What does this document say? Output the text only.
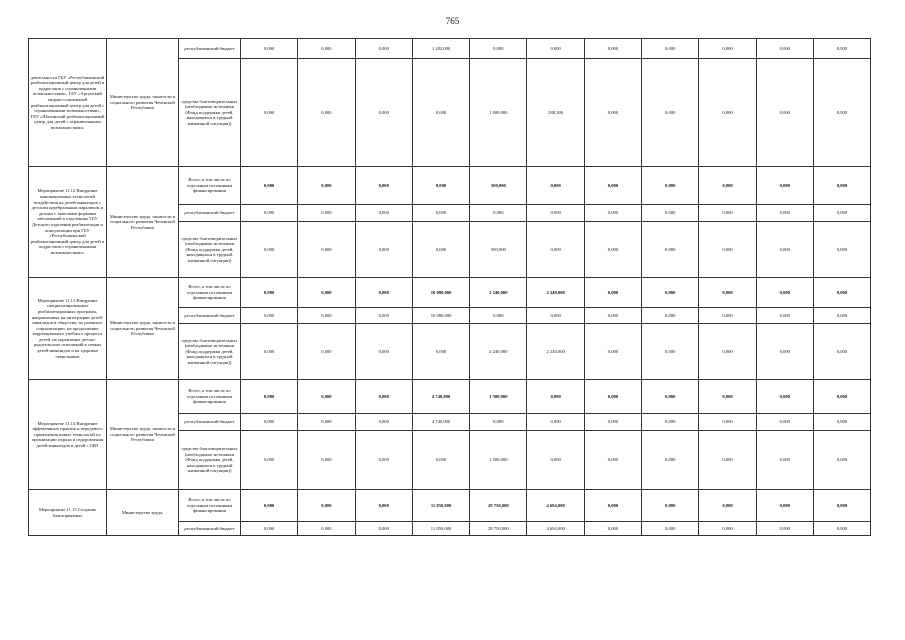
765
деятельности ГБУ «Республиканский реабилитационный центр для детей и подростков с ограниченными возможностями», ГБУ «Аргунский медико-социальный реабилитационный центр для детей с ограниченными возможностями», ГБУ «Шалинский реабилитационный центр для детей с ограниченными возможностями»	Министерство труда, занятости и социального развития Чеченской Республики	республиканский бюджет	0,000	0,000	0,000	1 282,000	0,000	0,000	0,000	0,000	0,000	0,000	0,000
		средства благотворительных (необходимые источники (Фонд поддержки детей, находящихся в трудной жизненной ситуации))	0,000	0,000	0,000	0,000	1 000,000	288,300	0,000	0,000	0,000	0,000	0,000
Мероприятие 11.12 Внедрение инновационных технологий воздействия на детей-инвалидов с детским церебральным параличом и детьми с тяжелыми формами заболеваний в отделениях ГБУ Детского отделения реабилитации и консультации при ГБУ «Республиканский реабилитационный центр для детей и подростков с ограниченными возможностями»	Министерство труда, занятости и социального развития Чеченской Республики	Всего, в том числе по отдельным источникам финансирования	0,000	0,000	0,000	0,000	500,000	0,000	0,000	0,000	0,000	0,000	0,000
		республиканский бюджет	0,000	0,000	0,000	0,000	0,000	0,000	0,000	0,000	0,000	0,000	0,000
		средства благотворительных (необходимые источники (Фонд поддержки детей, находящихся в трудной жизненной ситуации))	0,000	0,000	0,000	0,000	500,000	0,000	0,000	0,000	0,000	0,000	0,000
Мероприятие 11.13 Внедрение специализированных реабилитационных программ, направленных на интеграцию детей-инвалидов в общество, их развитие, социализацию, на продолжение коррекционного учебного процесса детей, на укрепление детско-родительских отношений в семьях детей-инвалидов и на здоровье сверстников	Министерство труда, занятости и социального развития Чеченской Республики	Всего, в том числе по отдельным источникам финансирования	0,000	0,000	0,000	10 080,000	2 240,000	2 240,000	0,000	0,000	0,000	0,000	0,000
		республиканский бюджет	0,000	0,000	0,000	10 080,000	0,000	0,000	0,000	0,000	0,000	0,000	0,000
		средства благотворительных (необходимые источники (Фонд поддержки детей, находящихся в трудной жизненной ситуации))	0,000	0,000	0,000	0,000	2 240,000	2 240,000	0,000	0,000	0,000	0,000	0,000
Мероприятие 11.14 Внедрение эффективных практик и передового применения новых технологий по организации отдыха и оздоровления детей-инвалидов и детей с ОВЗ	Министерство труда, занятости и социального развития Чеченской Республики	Всего, в том числе по отдельным источникам финансирования	0,000	0,000	0,000	4 740,000	1 500,000	0,000	0,000	0,000	0,000	0,000	0,000
		республиканский бюджет	0,000	0,000	0,000	4 740,000	0,000	0,000	0,000	0,000	0,000	0,000	0,000
		средства благотворительных (необходимые источники (Фонд поддержки детей, находящихся в трудной жизненной ситуации))	0,000	0,000	0,000	0,000	1 500,000	0,000	0,000	0,000	0,000	0,000	0,000
Мероприятие 11.15 Создание благоприятных	Министерство труда,	Всего, в том числе по отдельным источникам финансирования	0,000	0,000	0,000	11 850,000	28 750,000	4 694,000	0,000	0,000	0,000	0,000	0,000
		республиканский бюджет	0,000	0,000	0,000	11 850,000	28 750,000	4 694,000	0,000	0,000	0,000	0,000	0,000
